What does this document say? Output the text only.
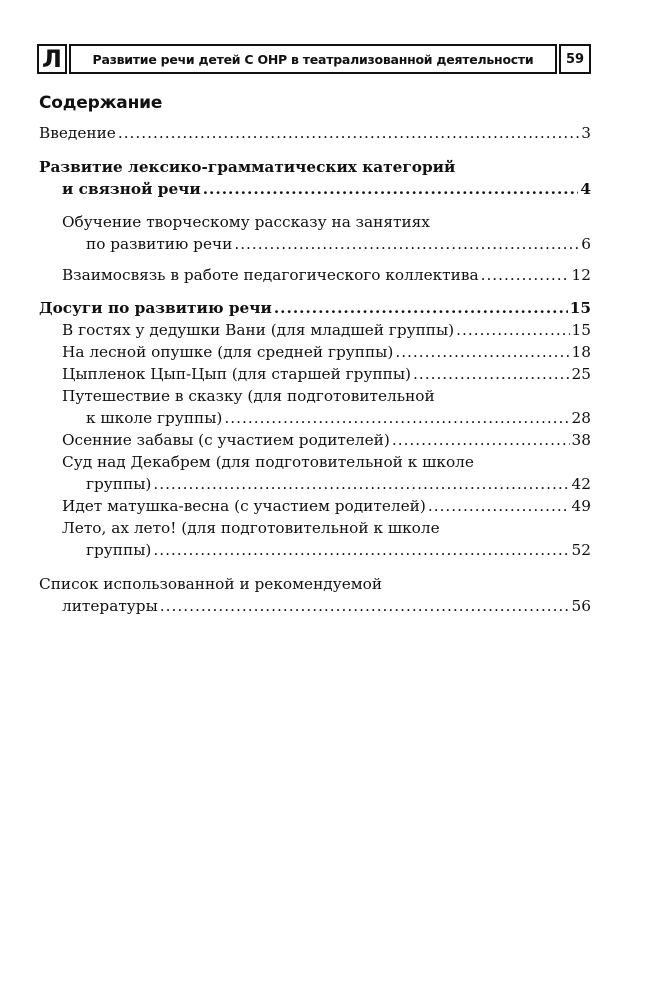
Л	Развитие речи детей С ОНР в театрализованной деятельности	59
Содержание
Введение .....	3
Развитие лексико-грамматических категорий
и связной речи .....	4
Обучение творческому рассказу на занятиях
по развитию речи .....	6
Взаимосвязь в работе педагогического коллектива .....	12
Досуги по развитию речи .....	15
В гостях у дедушки Вани (для младшей группы) .....	15
На лесной опушке (для средней группы) .....	18
Цыпленок Цып-Цып (для старшей группы) .....	25
Путешествие в сказку (для подготовительной
к школе группы) .....	28
Осенние забавы (с участием родителей) .....	38
Суд над Декабрем (для подготовительной к школе
группы) .....	42
Идет матушка-весна (с участием родителей) .....	49
Лето, ах лето! (для подготовительной к школе
группы) .....	52
Список использованной и рекомендуемой
литературы .....	56
